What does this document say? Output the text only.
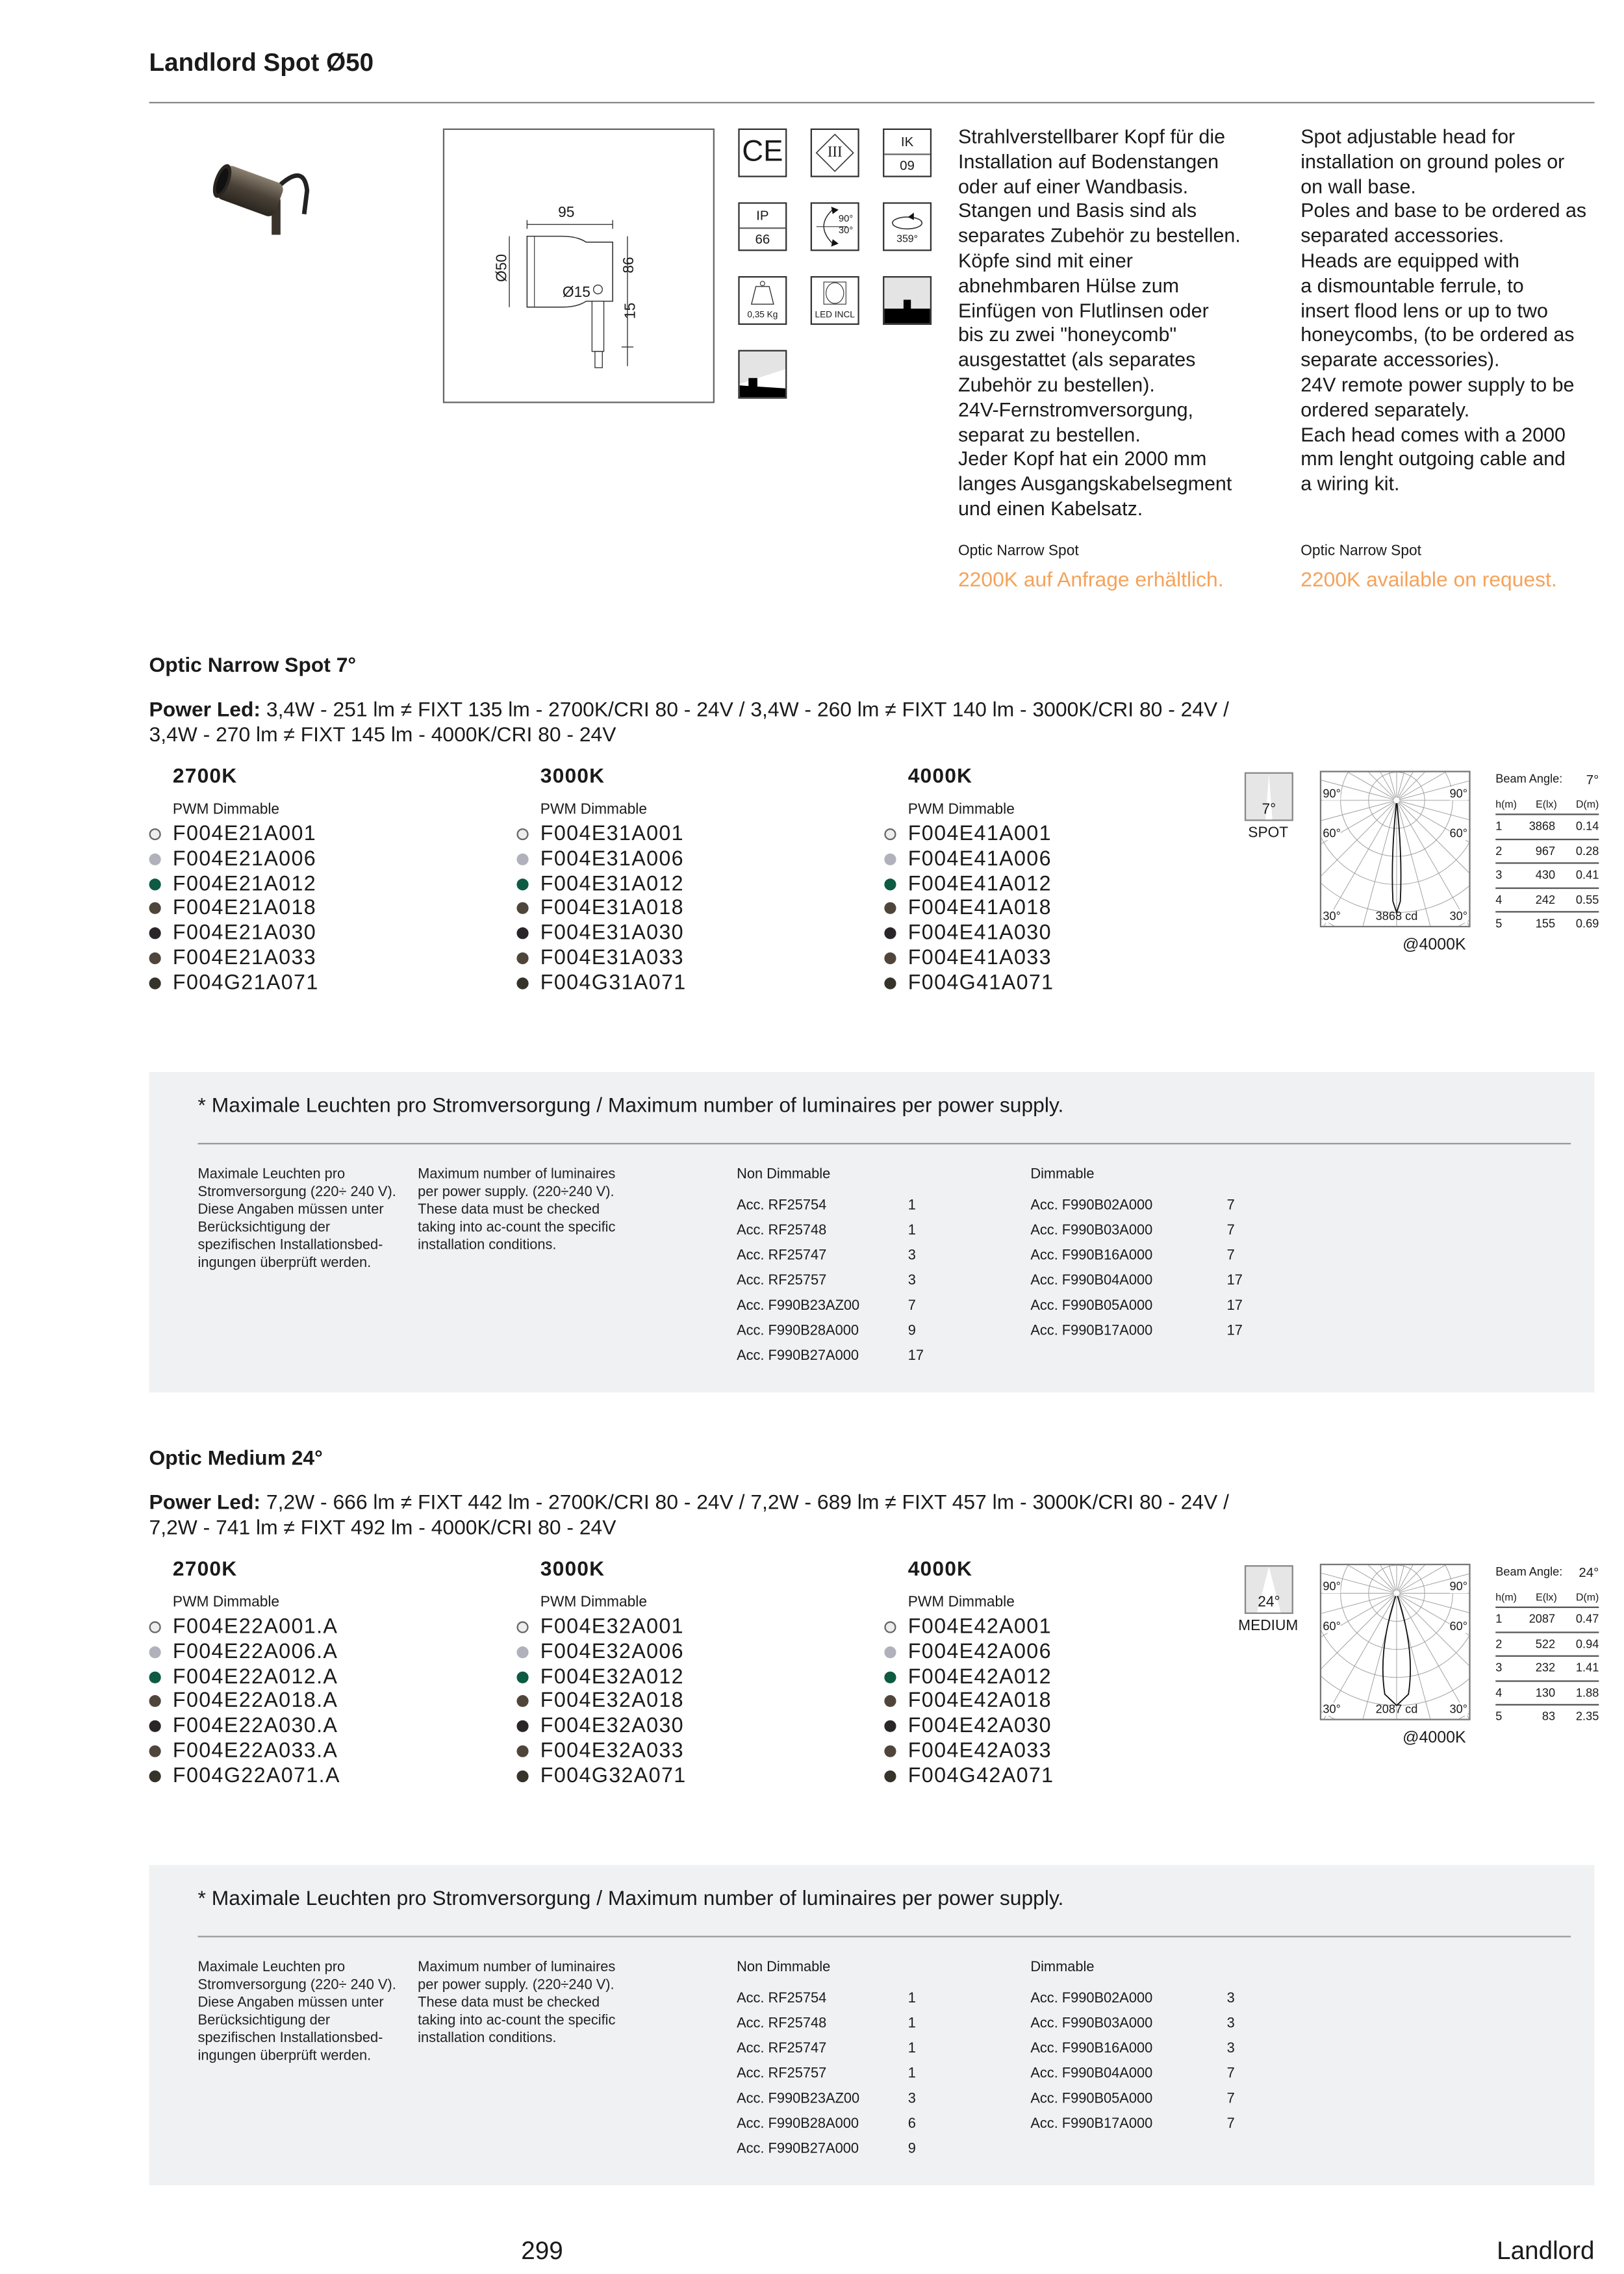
Landlord Spot Ø50
95
Ø50
Ø15
86
15
CE	III
IK
09
IP
66
90°
30°
359°
0,35 Kg	LED INCL
Strahlverstellbarer Kopf für die
Installation auf Bodenstangen
oder auf einer Wandbasis.
Stangen und Basis sind als
separates Zubehör zu bestellen.
Köpfe sind mit einer
abnehmbaren Hülse zum
Einfügen von Flutlinsen oder
bis zu zwei "honeycomb"
ausgestattet (als separates
Zubehör zu bestellen).
24V-Fernstromversorgung,
separat zu bestellen.
Jeder Kopf hat ein 2000 mm
langes Ausgangskabelsegment
und einen Kabelsatz.
Spot adjustable head for
installation on ground poles or
on wall base.
Poles and base to be ordered as
separated accessories.
Heads are equipped with
a dismountable ferrule, to
insert flood lens or up to two
honeycombs, (to be ordered as
separate accessories).
24V remote power supply to be
ordered separately.
Each head comes with a 2000
mm lenght outgoing cable and
a wiring kit.
Optic Narrow Spot
2200K auf Anfrage erhältlich.
Optic Narrow Spot
2200K available on request.
Optic Narrow Spot 7°
Power Led: 3,4W - 251 lm ≠ FIXT 135 lm - 2700K/CRI 80 - 24V / 3,4W - 260 lm ≠ FIXT 140 lm - 3000K/CRI 80 - 24V /
3,4W - 270 lm ≠ FIXT 145 lm - 4000K/CRI 80 - 24V
2700K
PWM Dimmable
F004E21A001
F004E21A006
F004E21A012
F004E21A018
F004E21A030
F004E21A033
F004G21A071
3000K
PWM Dimmable
F004E31A001
F004E31A006
F004E31A012
F004E31A018
F004E31A030
F004E31A033
F004G31A071
4000K
PWM Dimmable
F004E41A001
F004E41A006
F004E41A012
F004E41A018
F004E41A030
F004E41A033
F004G41A071
7°
SPOT
90°	90°
60°	60°
30°	30°
3868 cd
@4000K
Beam Angle:	7°
h(m)	E(lx)	D(m)
1	3868	0.14
2	967	0.28
3	430	0.41
4	242	0.55
5	155	0.69
* Maximale Leuchten pro Stromversorgung / Maximum number of luminaires per power supply.
Maximale Leuchten pro Stromversorgung (220÷ 240 V). Diese Angaben müssen unter Berücksichtigung der spezifischen Installationsbed-ingungen überprüft werden.
Maximum number of luminaires per power supply. (220÷240 V). These data must be checked taking into ac-count the specific installation conditions.
Non Dimmable	Dimmable
Acc. RF25754	1
Acc. RF25748	1
Acc. RF25747	3
Acc. RF25757	3
Acc. F990B23AZ00	7
Acc. F990B28A000	9
Acc. F990B27A000	17
Acc. F990B02A000	7
Acc. F990B03A000	7
Acc. F990B16A000	7
Acc. F990B04A000	17
Acc. F990B05A000	17
Acc. F990B17A000	17
Optic Medium 24°
Power Led: 7,2W - 666 lm ≠ FIXT 442 lm - 2700K/CRI 80 - 24V / 7,2W - 689 lm ≠ FIXT 457 lm - 3000K/CRI 80 - 24V /
7,2W - 741 lm ≠ FIXT 492 lm - 4000K/CRI 80 - 24V
2700K
PWM Dimmable
F004E22A001.A
F004E22A006.A
F004E22A012.A
F004E22A018.A
F004E22A030.A
F004E22A033.A
F004G22A071.A
3000K
PWM Dimmable
F004E32A001
F004E32A006
F004E32A012
F004E32A018
F004E32A030
F004E32A033
F004G32A071
4000K
PWM Dimmable
F004E42A001
F004E42A006
F004E42A012
F004E42A018
F004E42A030
F004E42A033
F004G42A071
24°
MEDIUM
90°	90°
60°	60°
30°	30°
2087 cd
@4000K
Beam Angle:	24°
h(m)	E(lx)	D(m)
1	2087	0.47
2	522	0.94
3	232	1.41
4	130	1.88
5	83	2.35
* Maximale Leuchten pro Stromversorgung / Maximum number of luminaires per power supply.
Maximale Leuchten pro Stromversorgung (220÷ 240 V). Diese Angaben müssen unter Berücksichtigung der spezifischen Installationsbed-ingungen überprüft werden.
Maximum number of luminaires per power supply. (220÷240 V). These data must be checked taking into ac-count the specific installation conditions.
Non Dimmable	Dimmable
Acc. RF25754	1
Acc. RF25748	1
Acc. RF25747	1
Acc. RF25757	1
Acc. F990B23AZ00	3
Acc. F990B28A000	6
Acc. F990B27A000	9
Acc. F990B02A000	3
Acc. F990B03A000	3
Acc. F990B16A000	3
Acc. F990B04A000	7
Acc. F990B05A000	7
Acc. F990B17A000	7
299	Landlord
